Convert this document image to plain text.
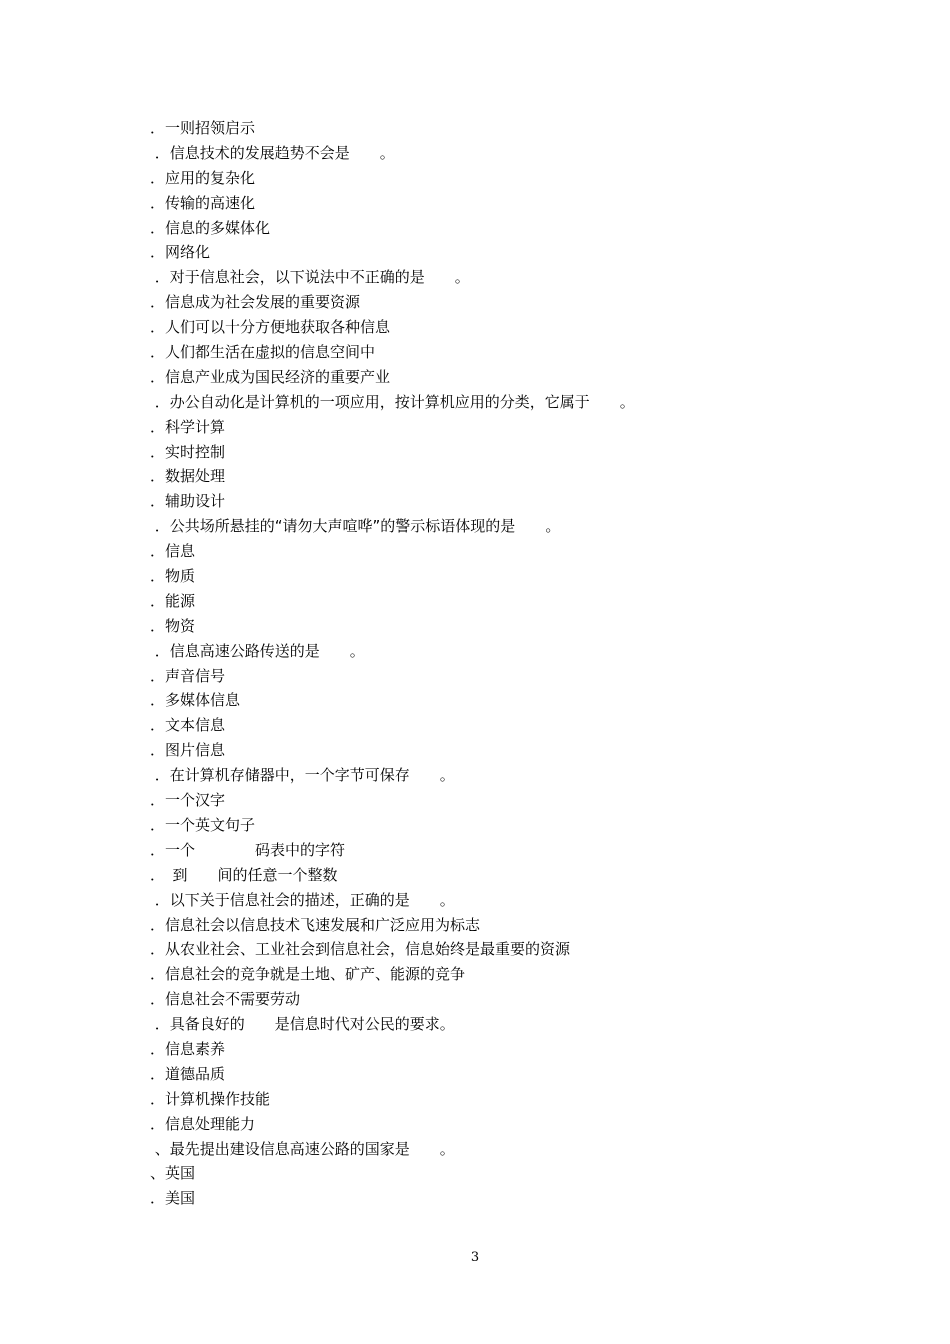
．一则招领启示
．信息技术的发展趋势不会是　　。
．应用的复杂化
．传输的高速化
．信息的多媒体化
．网络化
．对于信息社会，以下说法中不正确的是　　。
．信息成为社会发展的重要资源
．人们可以十分方便地获取各种信息
．人们都生活在虚拟的信息空间中
．信息产业成为国民经济的重要产业
．办公自动化是计算机的一项应用，按计算机应用的分类，它属于　　。
．科学计算
．实时控制
．数据处理
．辅助设计
．公共场所悬挂的“请勿大声喧哗”的警示标语体现的是　　。
．信息
．物质
．能源
．物资
．信息高速公路传送的是　　。
．声音信号
．多媒体信息
．文本信息
．图片信息
．在计算机存储器中，一个字节可保存　　。
．一个汉字
．一个英文句子
．一个　　　　码表中的字符
．　到　　间的任意一个整数
．以下关于信息社会的描述，正确的是　　。
．信息社会以信息技术飞速发展和广泛应用为标志
．从农业社会、工业社会到信息社会，信息始终是最重要的资源
．信息社会的竞争就是土地、矿产、能源的竞争
．信息社会不需要劳动
．具备良好的　　是信息时代对公民的要求。
．信息素养
．道德品质
．计算机操作技能
．信息处理能力
、最先提出建设信息高速公路的国家是　　。
、英国
．美国
3
